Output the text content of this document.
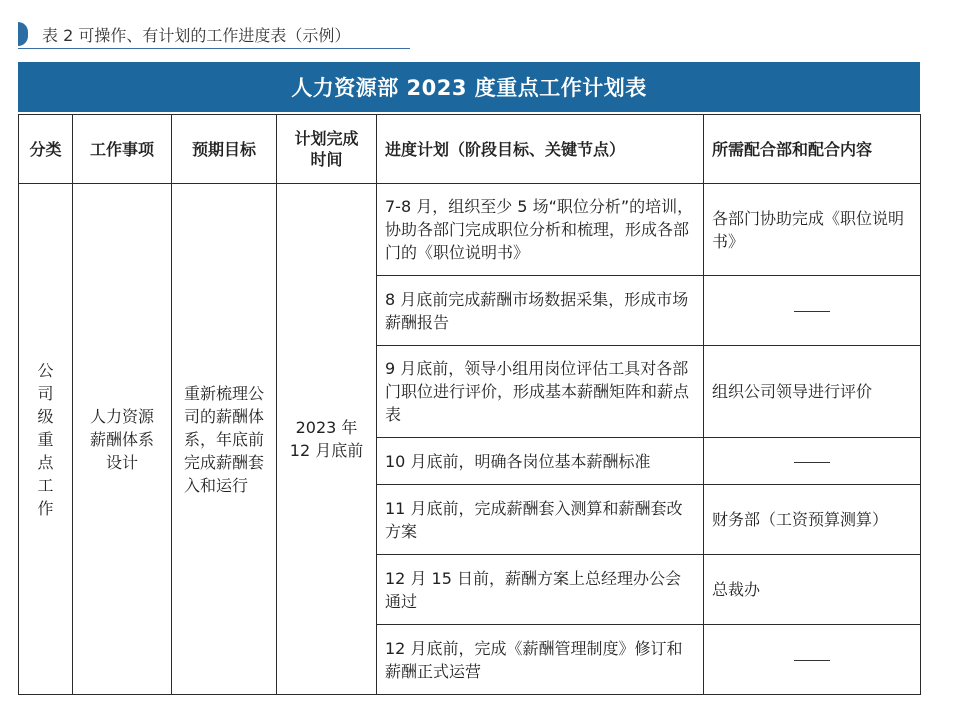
表 2 可操作、有计划的工作进度表（示例）
人力资源部 2023 度重点工作计划表
分类	工作事项	预期目标	计划完成时间	进度计划（阶段目标、关键节点）	所需配合部和配合内容

公司级重点工作	人力资源薪酬体系设计	重新梳理公司的薪酬体系，年底前完成薪酬套入和运行	2023 年 12 月底前	7-8 月，组织至少 5 场“职位分析”的培训，协助各部门完成职位分析和梳理，形成各部门的《职位说明书》	各部门协助完成《职位说明书》
				8 月底前完成薪酬市场数据采集，形成市场薪酬报告	
				9 月底前，领导小组用岗位评估工具对各部门职位进行评价，形成基本薪酬矩阵和薪点表	组织公司领导进行评价
				10 月底前，明确各岗位基本薪酬标准	
				11 月底前，完成薪酬套入测算和薪酬套改方案	财务部（工资预算测算）
				12 月 15 日前，薪酬方案上总经理办公会通过	总裁办
				12 月底前，完成《薪酬管理制度》修订和薪酬正式运营	
